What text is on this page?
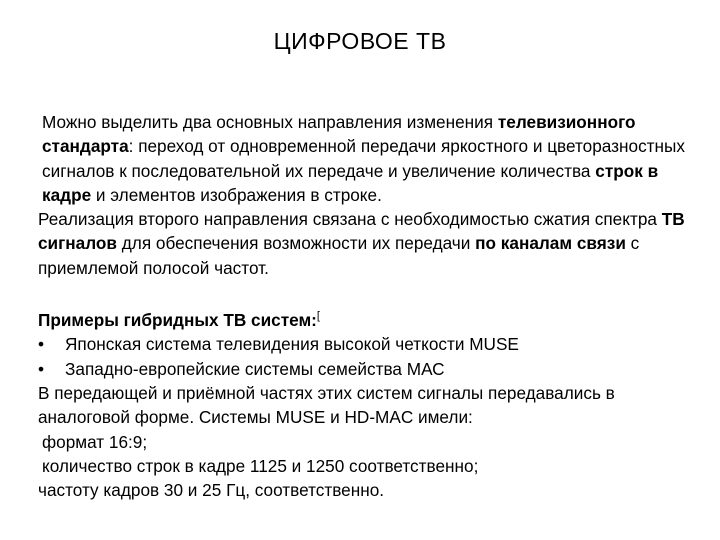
ЦИФРОВОЕ ТВ

Можно выделить два основных направления изменения телевизионного стандарта: переход от одновременной передачи яркостного и цветоразностных сигналов к последовательной их передаче и увеличение количества строк в кадре и элементов изображения в строке.

Реализация второго направления связана с необходимостью сжатия спектра ТВ сигналов для обеспечения возможности их передачи по каналам связи с приемлемой полосой частот.

Примеры гибридных ТВ систем:[

• Японская система телевидения высокой четкости MUSE

• Западно-европейские системы семейства МАС

В передающей и приёмной частях этих систем сигналы передавались в аналоговой форме. Системы MUSE и HD-MAC имели:

формат 16:9;

количество строк в кадре 1125 и 1250 соответственно;

частоту кадров 30 и 25 Гц, соответственно.
